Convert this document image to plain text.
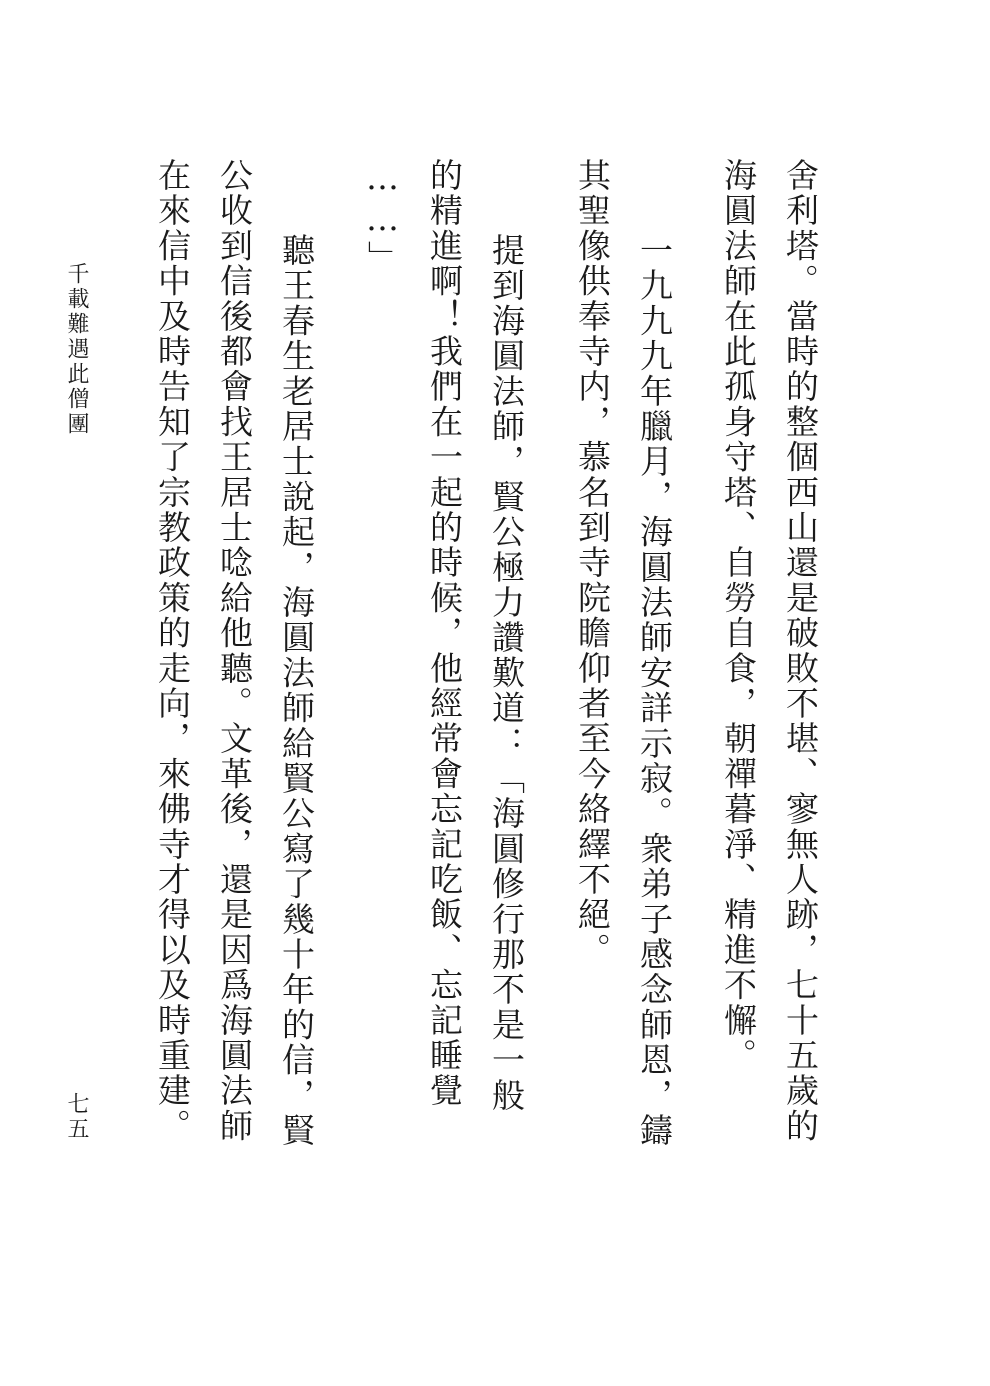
舍利塔。當時的整個西山還是破敗不堪、寥無人跡，七十五歲的
海圓法師在此孤身守塔、自勞自食，朝禪暮淨、精進不懈。
一九九九年臘月，海圓法師安詳示寂。衆弟子感念師恩，鑄
其聖像供奉寺内，慕名到寺院瞻仰者至今絡繹不絕。
提到海圓法師，賢公極力讚歎道：「海圓修行那不是一般
的精進啊！我們在一起的時候，他經常會忘記吃飯、忘記睡覺
……」
聽王春生老居士說起，海圓法師給賢公寫了幾十年的信，賢
公收到信後都會找王居士唸給他聽。文革後，還是因爲海圓法師
在來信中及時告知了宗教政策的走向，來佛寺才得以及時重建。
千載難遇此僧團
七五
